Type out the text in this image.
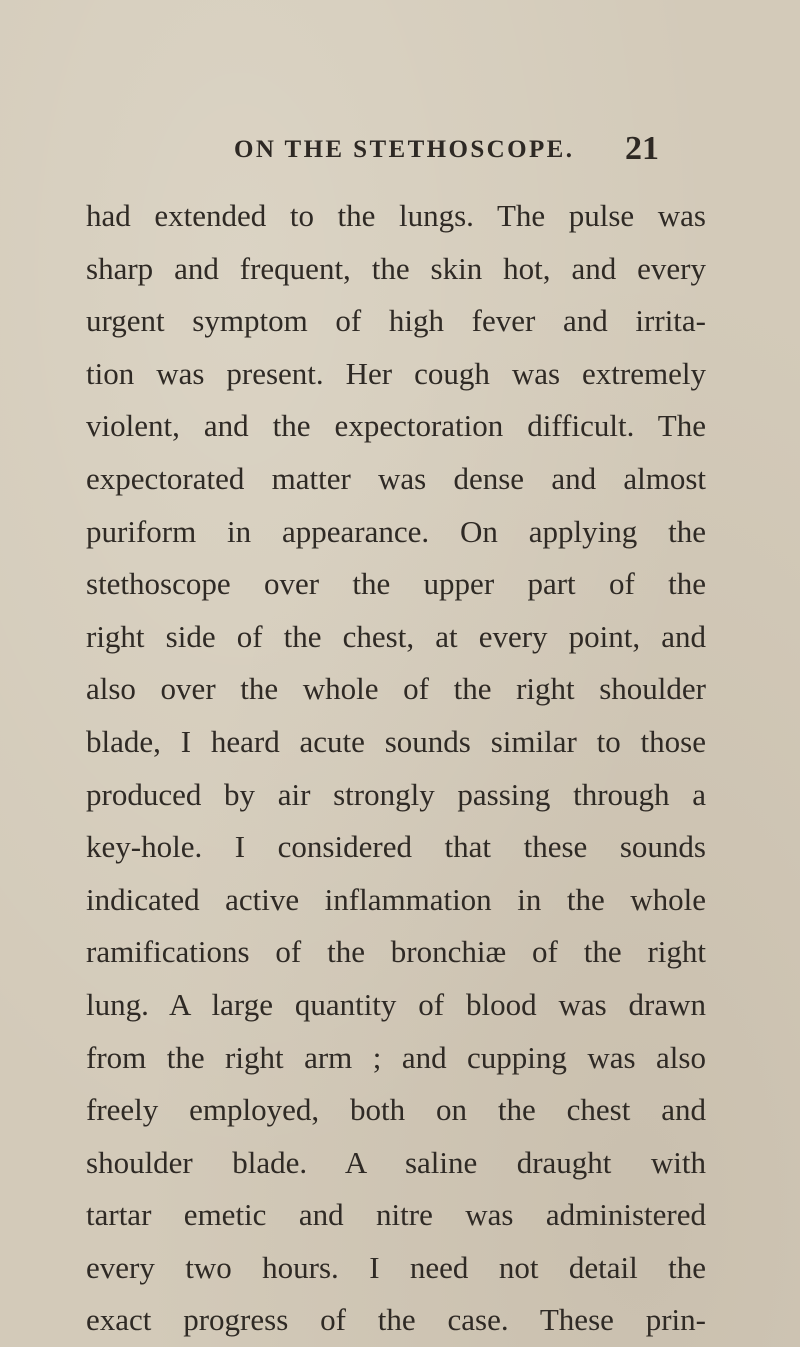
ON THE STETHOSCOPE. 21
had extended to the lungs. The pulse was
sharp and frequent, the skin hot, and every
urgent symptom of high fever and irrita-
tion was present. Her cough was extremely
violent, and the expectoration difficult. The
expectorated matter was dense and almost
puriform in appearance. On applying the
stethoscope over the upper part of the
right side of the chest, at every point, and
also over the whole of the right shoulder
blade, I heard acute sounds similar to those
produced by air strongly passing through a
key-hole. I considered that these sounds
indicated active inflammation in the whole
ramifications of the bronchiæ of the right
lung. A large quantity of blood was drawn
from the right arm ; and cupping was also
freely employed, both on the chest and
shoulder blade. A saline draught with
tartar emetic and nitre was administered
every two hours. I need not detail the
exact progress of the case. These prin-
